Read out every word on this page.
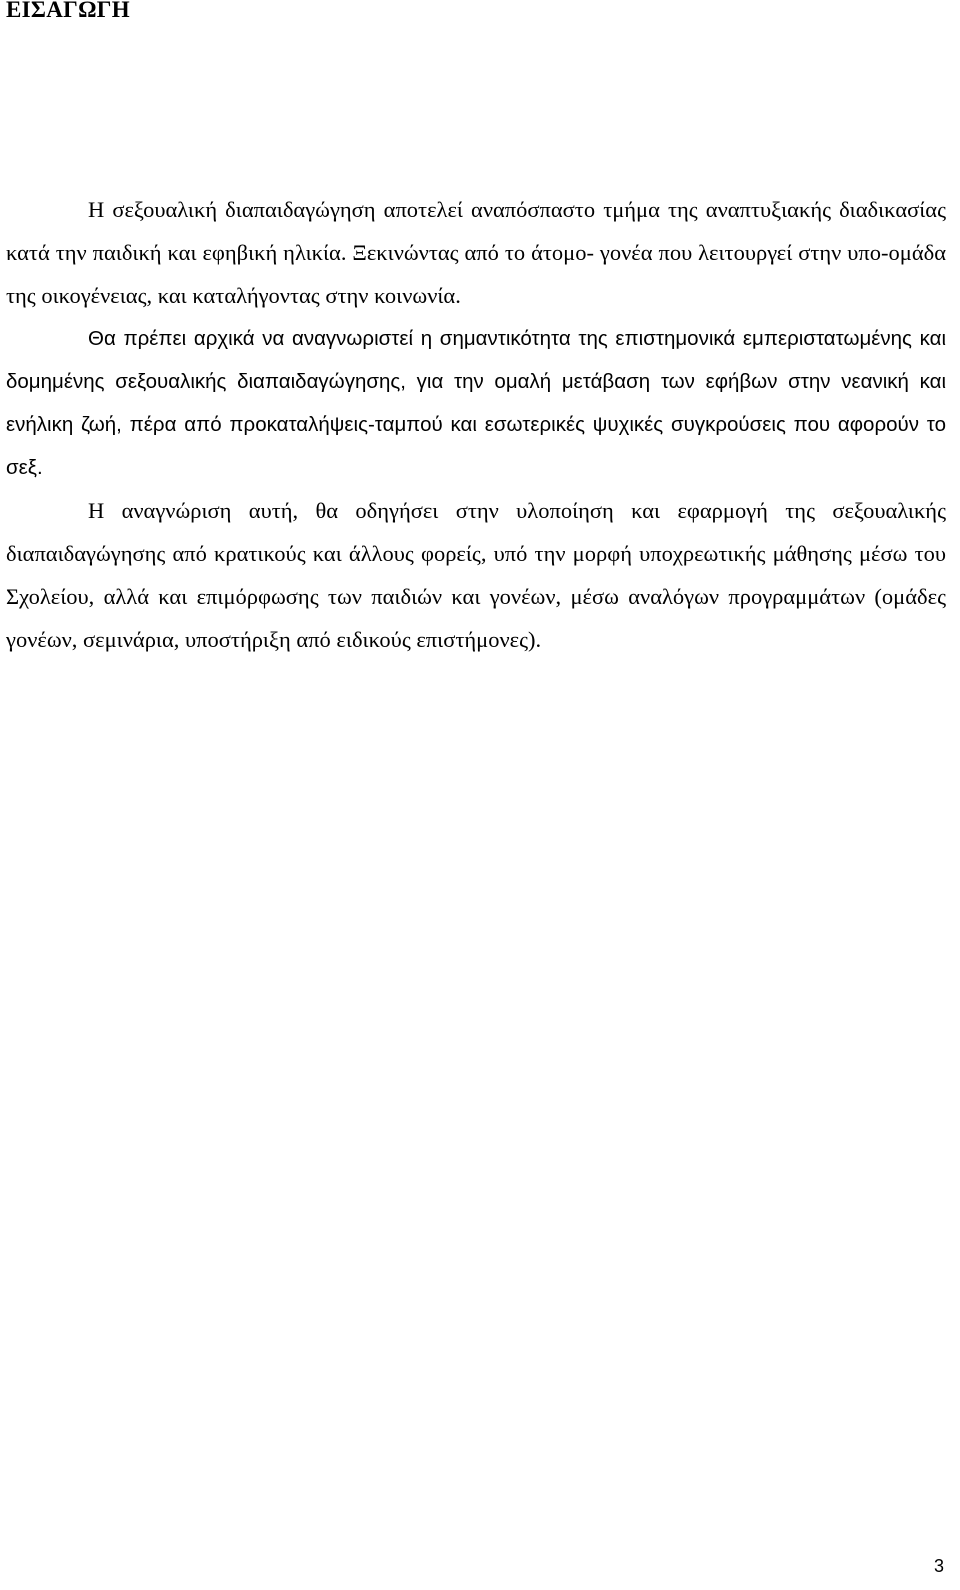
ΕΙΣΑΓΩΓΗ

Η σεξουαλική διαπαιδαγώγηση αποτελεί αναπόσπαστο τμήμα της αναπτυξιακής διαδικασίας κατά την παιδική και εφηβική ηλικία. Ξεκινώντας από το άτομο- γονέα που λειτουργεί στην υπο-ομάδα της οικογένειας, και καταλήγοντας στην κοινωνία.

Θα πρέπει αρχικά να αναγνωριστεί η σημαντικότητα της επιστημονικά εμπεριστατωμένης και δομημένης σεξουαλικής διαπαιδαγώγησης, για την ομαλή μετάβαση των εφήβων στην νεανική και ενήλικη ζωή, πέρα από προκαταλήψεις-ταμπού και εσωτερικές ψυχικές συγκρούσεις που αφορούν το σεξ.

Η αναγνώριση αυτή, θα οδηγήσει στην υλοποίηση και εφαρμογή της σεξουαλικής διαπαιδαγώγησης από κρατικούς και άλλους φορείς, υπό την μορφή υποχρεωτικής μάθησης μέσω του Σχολείου, αλλά και επιμόρφωσης των παιδιών και γονέων, μέσω αναλόγων προγραμμάτων (ομάδες γονέων, σεμινάρια, υποστήριξη από ειδικούς επιστήμονες).

3
